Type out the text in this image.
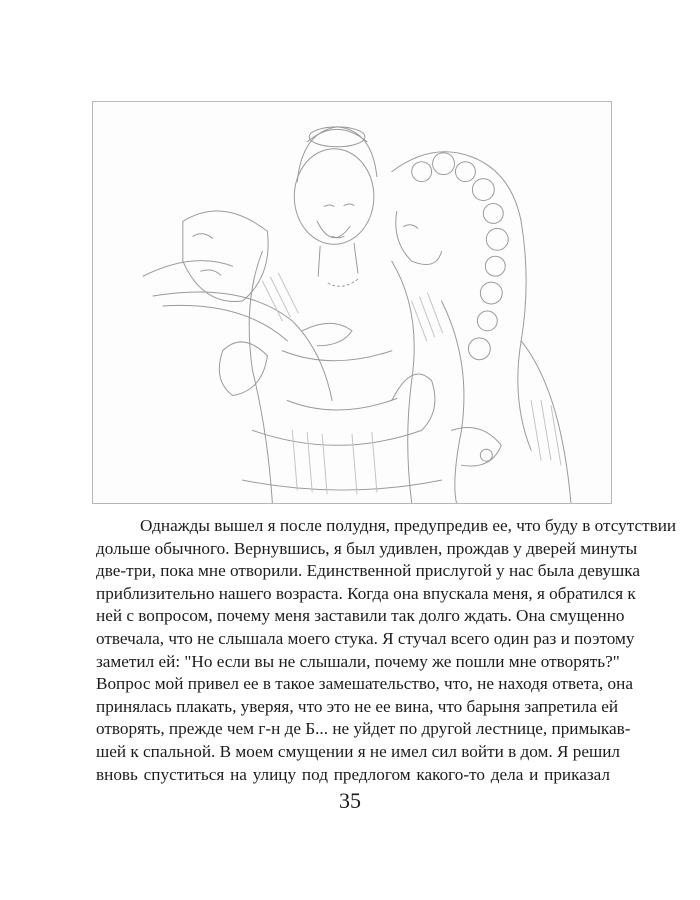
Однажды вышел я после полудня, предупредив ее, что буду в отсутствии
дольше обычного. Вернувшись, я был удивлен, прождав у дверей минуты
две-три, пока мне отворили. Единственной прислугой у нас была девушка
приблизительно нашего возраста. Когда она впускала меня, я обратился к
ней с вопросом, почему меня заставили так долго ждать. Она смущенно
отвечала, что не слышала моего стука. Я стучал всего один раз и поэтому
заметил ей: "Но если вы не слышали, почему же пошли мне отворять?"
Вопрос мой привел ее в такое замешательство, что, не находя ответа, она
принялась плакать, уверяя, что это не ее вина, что барыня запретила ей
отворять, прежде чем г-н де Б... не уйдет по другой лестнице, примыкав-
шей к спальной. В моем смущении я не имел сил войти в дом. Я решил
вновь спуститься на улицу под предлогом какого-то дела и приказал
35
